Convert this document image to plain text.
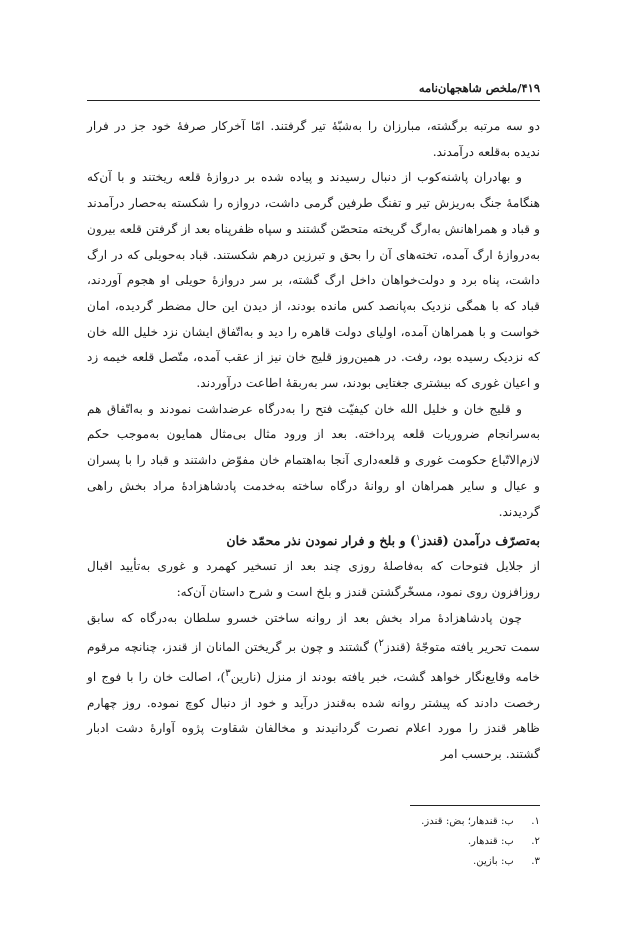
۴۱۹/ملخص شاهجهان‌نامه

دو سه مرتبه برگشته، مبارزان را به‌شبّهٔ تیر گرفتند. امّا آخرکار صرفهٔ خود جز در فرار ندیده به‌قلعه درآمدند.

و بهادران پاشنه‌کوب از دنبال رسیدند و پیاده شده بر دروازهٔ قلعه ریختند و با آن‌که هنگامهٔ جنگ به‌ریزش تیر و تفنگ طرفین گرمی داشت، دروازه را شکسته به‌حصار درآمدند و قباد و همراهانش به‌ارگ گریخته متحصّن گشتند و سپاه ظفرپناه بعد از گرفتن قلعه بیرون به‌دروازهٔ ارگ آمده، تخته‌های آن را بحق و تبرزین درهم شکستند. قباد به‌حویلی که در ارگ داشت، پناه برد و دولت‌خواهان داخل ارگ گشته، بر سر دروازهٔ حویلی او هجوم آوردند، قباد که با همگی نزدیک به‌پانصد کس مانده بودند، از دیدن این حال مضطر گردیده، امان خواست و با همراهان آمده، اولیای دولت قاهره را دید و به‌اتّفاق ایشان نزد خلیل الله خان که نزدیک رسیده بود، رفت. در همین‌روز قلیج خان نیز از عقب آمده، متّصل قلعه خیمه زد و اعیان غوری که بیشتری جغتایی بودند، سر به‌ربقهٔ اطاعت درآوردند.

و قلیج خان و خلیل الله خان کیفیّت فتح را به‌درگاه عرضداشت نمودند و به‌اتّفاق هم به‌سرانجام ضروریات قلعه پرداخته. بعد از ورود مثال بی‌مثال همایون به‌موجب حکم لازم‌الاتّباع حکومت غوری و قلعه‌داری آنجا به‌اهتمام خان مفوّض داشتند و قباد را با پسران و عیال و سایر همراهان او روانهٔ درگاه ساخته به‌خدمت پادشاهزادهٔ مراد بخش راهی گردیدند.

به‌تصرّف درآمدن (قندز$^۱$) و بلخ و فرار نمودن نذر محمّد خان

از جلایل فتوحات که به‌فاصلهٔ روزی چند بعد از تسخیر کهمرد و غوری به‌تأیید اقبال روزافزون روی نمود، مسخّرگشتن قندز و بلخ است و شرح داستان آن‌که:

چون پادشاهزادهٔ مراد بخش بعد از روانه ساختن خسرو سلطان به‌درگاه که سابق سمت تحریر یافته متوجّهٔ (قندز$^۲$) گشتند و چون بر گریختن المانان از قندز، چنانچه مرقوم خامه وقایع‌نگار خواهد گشت، خبر یافته بودند از منزل (نارین$^۳$)، اصالت خان را با فوج او رخصت دادند که پیشتر روانه شده به‌قندز درآید و خود از دنبال کوچ نموده. روز چهارم ظاهر قندز را مورد اعلام نصرت گردانیدند و مخالفان شقاوت پژوه آوارهٔ دشت ادبار گشتند. برحسب امر

۱.
ب: قندهار؛ بض: قندز.
۲.
ب: قندهار.
۳.
ب: بازین.
